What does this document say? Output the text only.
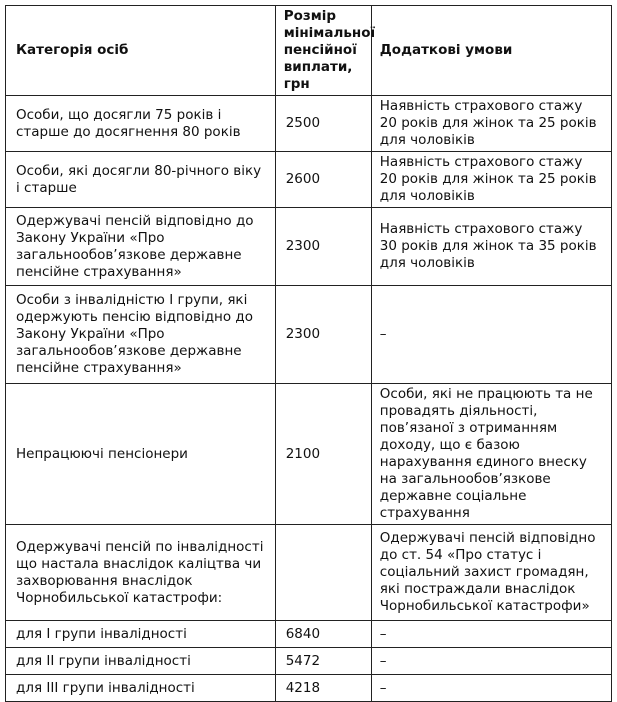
Категорія осіб	Розмір мінімальної пенсійної виплати, грн	Додаткові умови
Особи, що досягли 75 років і старше до досягнення 80 років	2500	Наявність страхового стажу 20 років для жінок та 25 років для чоловіків
Особи, які досягли 80-річного віку і старше	2600	Наявність страхового стажу 20 років для жінок та 25 років для чоловіків
Одержувачі пенсій відповідно до Закону України «Про загальнообов’язкове державне пенсійне страхування»	2300	Наявність страхового стажу 30 років для жінок та 35 років для чоловіків
Особи з інвалідністю I групи, які одержують пенсію відповідно до Закону України «Про загальнообов’язкове державне пенсійне страхування»	2300	–
Непрацюючі пенсіонери	2100	Особи, які не працюють та не провадять діяльності, пов’язаної з отриманням доходу, що є базою нарахування єдиного внеску на загальнообов’язкове державне соціальне страхування
Одержувачі пенсій по інвалідності що настала внаслідок каліцтва чи захворювання внаслідок Чорнобильської катастрофи:		Одержувачі пенсій відповідно до ст. 54 «Про статус і соціальний захист громадян, які постраждали внаслідок Чорнобильської катастрофи»
для I групи інвалідності	6840	–
для II групи інвалідності	5472	–
для III групи інвалідності	4218	–
